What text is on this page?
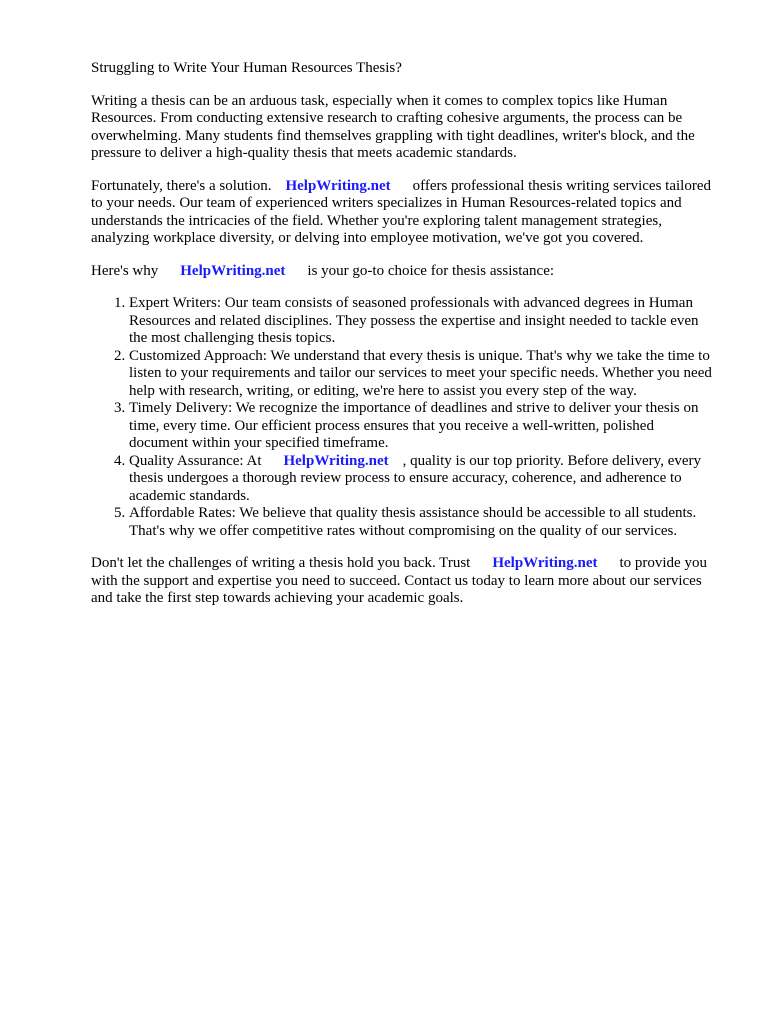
Struggling to Write Your Human Resources Thesis?

Writing a thesis can be an arduous task, especially when it comes to complex topics like Human Resources. From conducting extensive research to crafting cohesive arguments, the process can be overwhelming. Many students find themselves grappling with tight deadlines, writer's block, and the pressure to deliver a high-quality thesis that meets academic standards.

Fortunately, there's a solution. HelpWriting.net offers professional thesis writing services tailored to your needs. Our team of experienced writers specializes in Human Resources-related topics and understands the intricacies of the field. Whether you're exploring talent management strategies, analyzing workplace diversity, or delving into employee motivation, we've got you covered.

Here's why HelpWriting.net is your go-to choice for thesis assistance:

1. Expert Writers: Our team consists of seasoned professionals with advanced degrees in Human Resources and related disciplines. They possess the expertise and insight needed to tackle even the most challenging thesis topics.
2. Customized Approach: We understand that every thesis is unique. That's why we take the time to listen to your requirements and tailor our services to meet your specific needs. Whether you need help with research, writing, or editing, we're here to assist you every step of the way.
3. Timely Delivery: We recognize the importance of deadlines and strive to deliver your thesis on time, every time. Our efficient process ensures that you receive a well-written, polished document within your specified timeframe.
4. Quality Assurance: At HelpWriting.net , quality is our top priority. Before delivery, every thesis undergoes a thorough review process to ensure accuracy, coherence, and adherence to academic standards.
5. Affordable Rates: We believe that quality thesis assistance should be accessible to all students. That's why we offer competitive rates without compromising on the quality of our services.

Don't let the challenges of writing a thesis hold you back. Trust HelpWriting.net to provide you with the support and expertise you need to succeed. Contact us today to learn more about our services and take the first step towards achieving your academic goals.
